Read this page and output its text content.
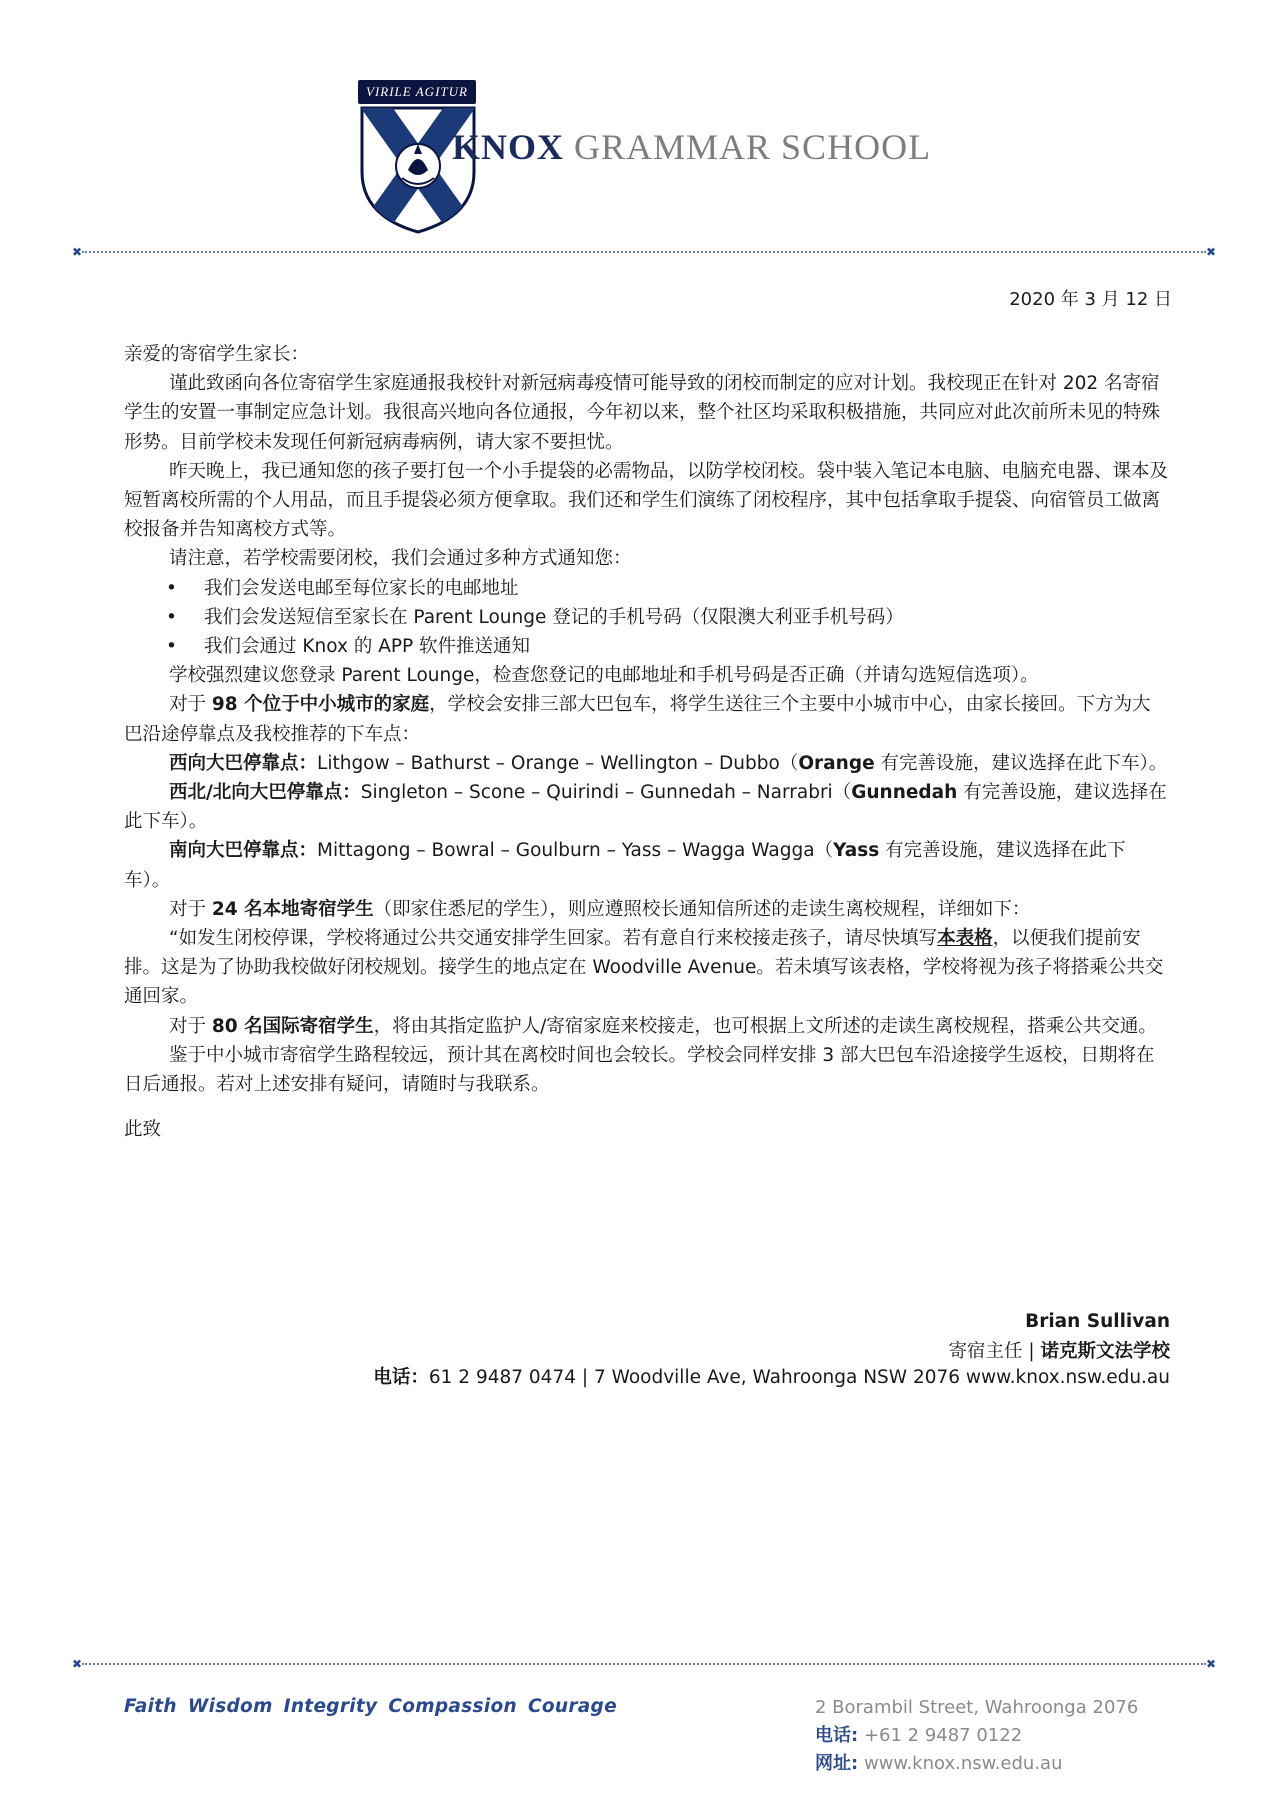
VIRILE AGITUR
KNOX GRAMMAR SCHOOL
✖	✖
2020 年 3 月 12 日

亲爱的寄宿学生家长：

谨此致函向各位寄宿学生家庭通报我校针对新冠病毒疫情可能导致的闭校而制定的应对计划。我校现正在针对 202 名寄宿学生的安置一事制定应急计划。我很高兴地向各位通报，今年初以来，整个社区均采取积极措施，共同应对此次前所未见的特殊形势。目前学校未发现任何新冠病毒病例，请大家不要担忧。

昨天晚上，我已通知您的孩子要打包一个小手提袋的必需物品，以防学校闭校。袋中装入笔记本电脑、电脑充电器、课本及短暂离校所需的个人用品，而且手提袋必须方便拿取。我们还和学生们演练了闭校程序，其中包括拿取手提袋、向宿管员工做离校报备并告知离校方式等。

请注意，若学校需要闭校，我们会通过多种方式通知您：

• 我们会发送电邮至每位家长的电邮地址
• 我们会发送短信至家长在 Parent Lounge 登记的手机号码（仅限澳大利亚手机号码）
• 我们会通过 Knox 的 APP 软件推送通知

学校强烈建议您登录 Parent Lounge，检查您登记的电邮地址和手机号码是否正确（并请勾选短信选项）。

对于 98 个位于中小城市的家庭，学校会安排三部大巴包车，将学生送往三个主要中小城市中心，由家长接回。下方为大巴沿途停靠点及我校推荐的下车点：

西向大巴停靠点：Lithgow – Bathurst – Orange – Wellington – Dubbo（Orange 有完善设施，建议选择在此下车）。

西北/北向大巴停靠点：Singleton – Scone – Quirindi – Gunnedah – Narrabri（Gunnedah 有完善设施，建议选择在此下车）。

南向大巴停靠点：Mittagong – Bowral – Goulburn – Yass – Wagga Wagga（Yass 有完善设施，建议选择在此下车）。

对于 24 名本地寄宿学生（即家住悉尼的学生），则应遵照校长通知信所述的走读生离校规程，详细如下：

“如发生闭校停课，学校将通过公共交通安排学生回家。若有意自行来校接走孩子，请尽快填写本表格，以便我们提前安排。这是为了协助我校做好闭校规划。接学生的地点定在 Woodville Avenue。若未填写该表格，学校将视为孩子将搭乘公共交通回家。

对于 80 名国际寄宿学生，将由其指定监护人/寄宿家庭来校接走，也可根据上文所述的走读生离校规程，搭乘公共交通。

鉴于中小城市寄宿学生路程较远，预计其在离校时间也会较长。学校会同样安排 3 部大巴包车沿途接学生返校，日期将在日后通报。若对上述安排有疑问，请随时与我联系。

此致

Brian Sullivan
寄宿主任 | 诺克斯文法学校
电话：61 2 9487 0474 | 7 Woodville Ave, Wahroonga NSW 2076 www.knox.nsw.edu.au
✖	✖
Faith Wisdom Integrity Compassion Courage	2 Borambil Street, Wahroonga 2076
电话: +61 2 9487 0122
网址: www.knox.nsw.edu.au
